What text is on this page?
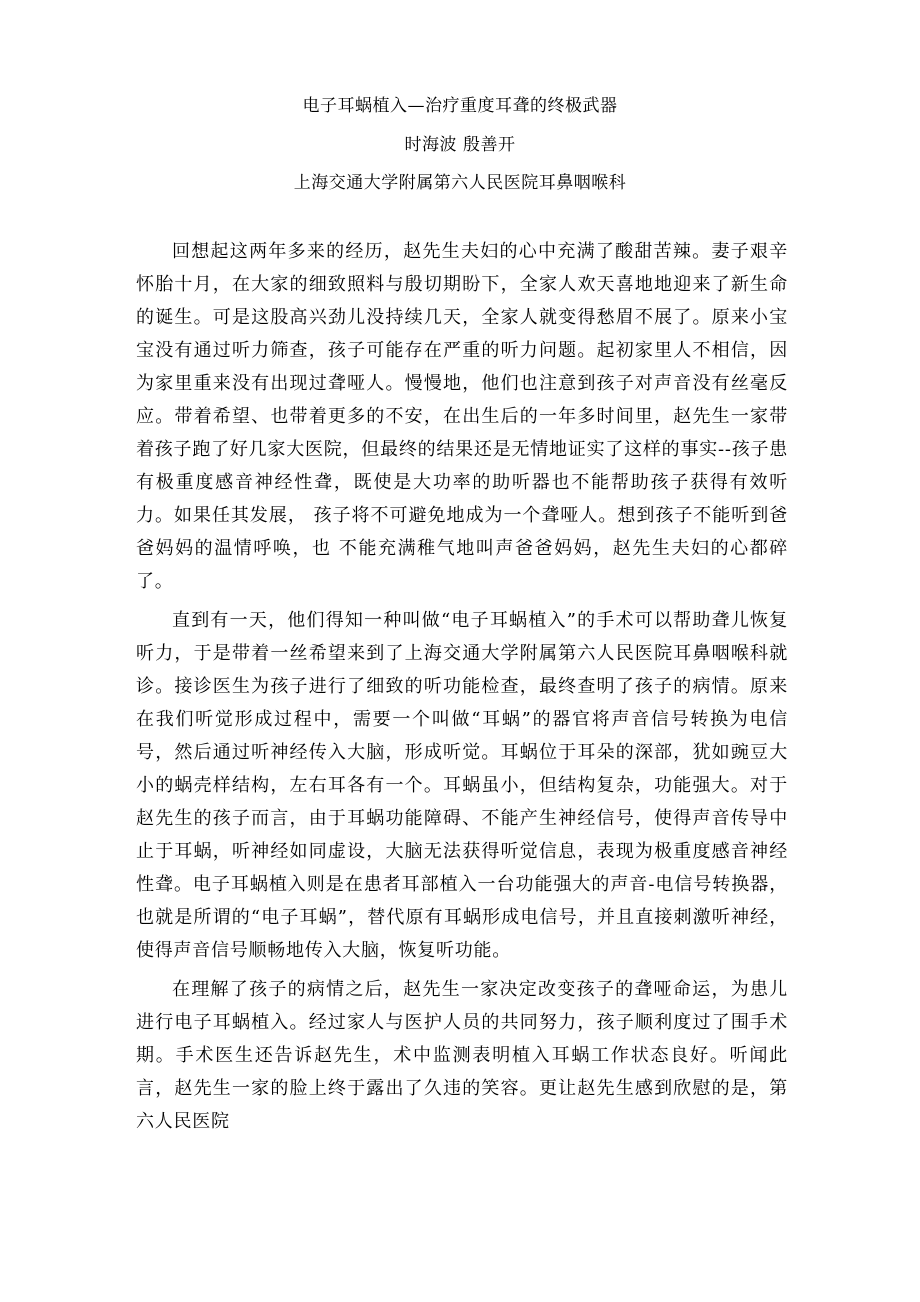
电子耳蜗植入—治疗重度耳聋的终极武器
时海波 殷善开
上海交通大学附属第六人民医院耳鼻咽喉科

回想起这两年多来的经历，赵先生夫妇的心中充满了酸甜苦辣。妻子艰辛怀胎十月，在大家的细致照料与殷切期盼下，全家人欢天喜地地迎来了新生命的诞生。可是这股高兴劲儿没持续几天，全家人就变得愁眉不展了。原来小宝宝没有通过听力筛查，孩子可能存在严重的听力问题。起初家里人不相信，因为家里重来没有出现过聋哑人。慢慢地，他们也注意到孩子对声音没有丝毫反应。带着希望、也带着更多的不安，在出生后的一年多时间里，赵先生一家带着孩子跑了好几家大医院，但最终的结果还是无情地证实了这样的事实--孩子患有极重度感音神经性聋，既使是大功率的助听器也不能帮助孩子获得有效听力。如果任其发展， 孩子将不可避免地成为一个聋哑人。想到孩子不能听到爸爸妈妈的温情呼唤，也 不能充满稚气地叫声爸爸妈妈，赵先生夫妇的心都碎了。

直到有一天，他们得知一种叫做“电子耳蜗植入”的手术可以帮助聋儿恢复听力，于是带着一丝希望来到了上海交通大学附属第六人民医院耳鼻咽喉科就诊。接诊医生为孩子进行了细致的听功能检查，最终查明了孩子的病情。原来在我们听觉形成过程中，需要一个叫做“耳蜗”的器官将声音信号转换为电信号，然后通过听神经传入大脑，形成听觉。耳蜗位于耳朵的深部，犹如豌豆大小的蜗壳样结构，左右耳各有一个。耳蜗虽小，但结构复杂，功能强大。对于赵先生的孩子而言，由于耳蜗功能障碍、不能产生神经信号，使得声音传导中止于耳蜗，听神经如同虚设，大脑无法获得听觉信息，表现为极重度感音神经性聋。电子耳蜗植入则是在患者耳部植入一台功能强大的声音-电信号转换器，也就是所谓的“电子耳蜗”，替代原有耳蜗形成电信号，并且直接刺激听神经，使得声音信号顺畅地传入大脑，恢复听功能。

在理解了孩子的病情之后，赵先生一家决定改变孩子的聋哑命运，为患儿进行电子耳蜗植入。经过家人与医护人员的共同努力，孩子顺利度过了围手术期。手术医生还告诉赵先生，术中监测表明植入耳蜗工作状态良好。听闻此言，赵先生一家的脸上终于露出了久违的笑容。更让赵先生感到欣慰的是，第六人民医院
